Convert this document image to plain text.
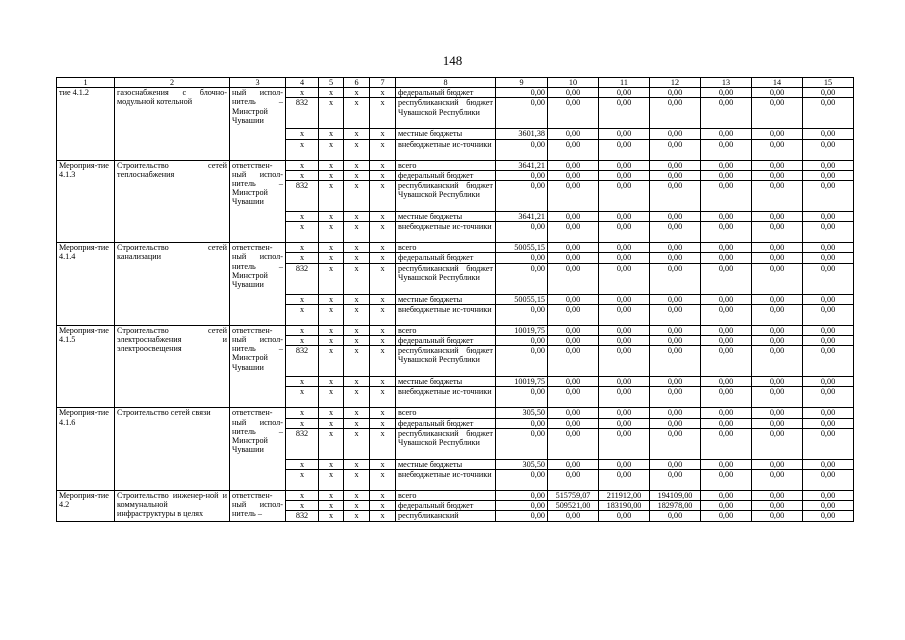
148
1	2	3	4	5	6	7	8	9	10	11	12	13	14	15
тие 4.1.2	газоснабжения с блочно-модульной котельной	ный испол-нитель – Минстрой Чувашии	x	x	x	x	федеральный бюджет	0,00	0,00	0,00	0,00	0,00	0,00	0,00
			832	x	x	x	республиканский бюджет Чувашской Республики	0,00	0,00	0,00	0,00	0,00	0,00	0,00
			x	x	x	x	местные бюджеты	3601,38	0,00	0,00	0,00	0,00	0,00	0,00
			x	x	x	x	внебюджетные ис-точники	0,00	0,00	0,00	0,00	0,00	0,00	0,00
Мероприя-тие 4.1.3	Строительство сетей теплоснабжения	ответствен-ный испол-нитель – Минстрой Чувашии	x	x	x	x	всего	3641,21	0,00	0,00	0,00	0,00	0,00	0,00
			x	x	x	x	федеральный бюджет	0,00	0,00	0,00	0,00	0,00	0,00	0,00
			832	x	x	x	республиканский бюджет Чувашской Республики	0,00	0,00	0,00	0,00	0,00	0,00	0,00
			x	x	x	x	местные бюджеты	3641,21	0,00	0,00	0,00	0,00	0,00	0,00
			x	x	x	x	внебюджетные ис-точники	0,00	0,00	0,00	0,00	0,00	0,00	0,00
Мероприя-тие 4.1.4	Строительство сетей канализации	ответствен-ный испол-нитель – Минстрой Чувашии	x	x	x	x	всего	50055,15	0,00	0,00	0,00	0,00	0,00	0,00
			x	x	x	x	федеральный бюджет	0,00	0,00	0,00	0,00	0,00	0,00	0,00
			832	x	x	x	республиканский бюджет Чувашской Республики	0,00	0,00	0,00	0,00	0,00	0,00	0,00
			x	x	x	x	местные бюджеты	50055,15	0,00	0,00	0,00	0,00	0,00	0,00
			x	x	x	x	внебюджетные ис-точники	0,00	0,00	0,00	0,00	0,00	0,00	0,00
Мероприя-тие 4.1.5	Строительство сетей электроснабжения и электроосвещения	ответствен-ный испол-нитель – Минстрой Чувашии	x	x	x	x	всего	10019,75	0,00	0,00	0,00	0,00	0,00	0,00
			x	x	x	x	федеральный бюджет	0,00	0,00	0,00	0,00	0,00	0,00	0,00
			832	x	x	x	республиканский бюджет Чувашской Республики	0,00	0,00	0,00	0,00	0,00	0,00	0,00
			x	x	x	x	местные бюджеты	10019,75	0,00	0,00	0,00	0,00	0,00	0,00
			x	x	x	x	внебюджетные ис-точники	0,00	0,00	0,00	0,00	0,00	0,00	0,00
Мероприя-тие 4.1.6	Строительство сетей связи	ответствен-ный испол-нитель – Минстрой Чувашии	x	x	x	x	всего	305,50	0,00	0,00	0,00	0,00	0,00	0,00
			x	x	x	x	федеральный бюджет	0,00	0,00	0,00	0,00	0,00	0,00	0,00
			832	x	x	x	республиканский бюджет Чувашской Республики	0,00	0,00	0,00	0,00	0,00	0,00	0,00
			x	x	x	x	местные бюджеты	305,50	0,00	0,00	0,00	0,00	0,00	0,00
			x	x	x	x	внебюджетные ис-точники	0,00	0,00	0,00	0,00	0,00	0,00	0,00
Мероприя-тие 4.2	Строительство инженер-ной и коммунальной инфраструктуры в целях	ответствен-ный испол-нитель –	x	x	x	x	всего	0,00	515759,07	211912,00	194109,00	0,00	0,00	0,00
			x	x	x	x	федеральный бюджет	0,00	509521,00	183190,00	182978,00	0,00	0,00	0,00
			832	x	x	x	республиканский	0,00	0,00	0,00	0,00	0,00	0,00	0,00
